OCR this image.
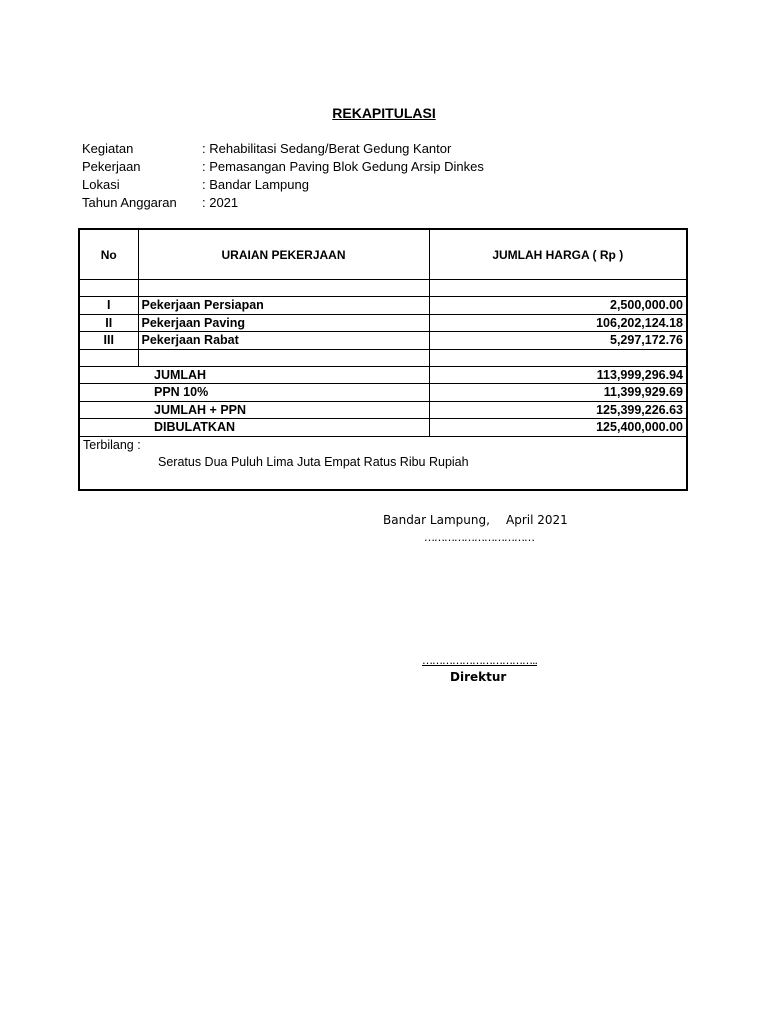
REKAPITULASI
Kegiatan	: Rehabilitasi Sedang/Berat Gedung Kantor
Pekerjaan	: Pemasangan Paving Blok Gedung Arsip Dinkes
Lokasi	: Bandar Lampung
Tahun Anggaran	: 2021
No	URAIAN PEKERJAAN	JUMLAH HARGA ( Rp )

I	Pekerjaan Persiapan	2,500,000.00
II	Pekerjaan Paving	106,202,124.18
III	Pekerjaan Rabat	5,297,172.76

JUMLAH		113,999,296.94
PPN 10%		11,399,929.69
JUMLAH + PPN		125,399,226.63
DIBULATKAN		125,400,000.00
Terbilang :
Seratus Dua Puluh Lima Juta Empat Ratus Ribu Rupiah
Bandar Lampung, April 2021
……………………………
……………………………..
Direktur
